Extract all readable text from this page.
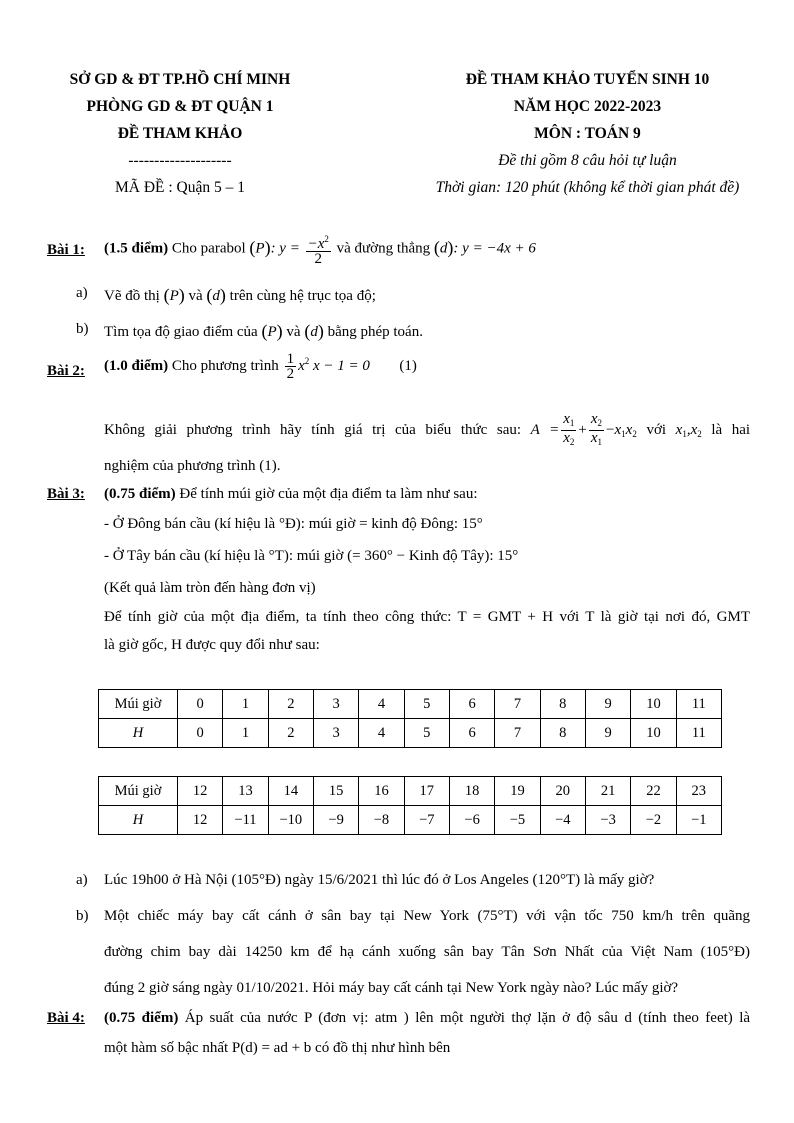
SỞ GD & ĐT TP.HỒ CHÍ MINH
PHÒNG GD & ĐT QUẬN 1
ĐỀ THAM KHẢO
--------------------
MÃ ĐỀ : Quận 5 – 1
ĐỀ THAM KHẢO TUYỂN SINH 10
NĂM HỌC 2022-2023
MÔN : TOÁN 9
Đề thi gồm 8 câu hỏi tự luận
Thời gian: 120 phút (không kể thời gian phát đề)
Bài 1: (1.5 điểm) Cho parabol (P): $y = \frac{-x^2}{2}$ và đường thẳng (d): y = −4x + 6
a) Vẽ đồ thị (P) và (d) trên cùng hệ trục tọa độ;
b) Tìm tọa độ giao điểm của (P) và (d) bằng phép toán.
Bài 2: (1.0 điểm) Cho phương trình $\frac{1}{2} x^2$ x − 1 = 0 (1)
Không giải phương trình hãy tính giá trị của biểu thức sau: $A = \frac{x_1}{x_2} + \frac{x_2}{x_1} -x_1x_2$ với $x_1,x_2$ là hai
nghiệm của phương trình (1).
Bài 3: (0.75 điểm) Để tính múi giờ của một địa điểm ta làm như sau:
- Ở Đông bán cầu (kí hiệu là °Đ): múi giờ = kinh độ Đông: 15°
- Ở Tây bán cầu (kí hiệu là °T): múi giờ (= 360° − Kinh độ Tây): 15°
(Kết quả làm tròn đến hàng đơn vị)
Để tính giờ của một địa điểm, ta tính theo công thức: T = GMT + H với T là giờ tại nơi đó, GMT
là giờ gốc, H được quy đổi như sau:
Múi giờ	0	1	2	3	4	5	6	7	8	9	10	11
H	0	1	2	3	4	5	6	7	8	9	10	11
Múi giờ	12	13	14	15	16	17	18	19	20	21	22	23
H	12	−11	−10	−9	−8	−7	−6	−5	−4	−3	−2	−1
a) Lúc 19h00 ở Hà Nội (105°Đ) ngày 15/6/2021 thì lúc đó ở Los Angeles (120°T) là mấy giờ?
b) Một chiếc máy bay cất cánh ở sân bay tại New York (75°T) với vận tốc 750 km/h trên quãng
đường chim bay dài 14250 km để hạ cánh xuống sân bay Tân Sơn Nhất của Việt Nam (105°Đ)
đúng 2 giờ sáng ngày 01/10/2021. Hỏi máy bay cất cánh tại New York ngày nào? Lúc mấy giờ?
Bài 4: (0.75 điểm) Áp suất của nước P (đơn vị: atm ) lên một người thợ lặn ở độ sâu d (tính theo feet) là
một hàm số bậc nhất P(d) = ad + b có đồ thị như hình bên
